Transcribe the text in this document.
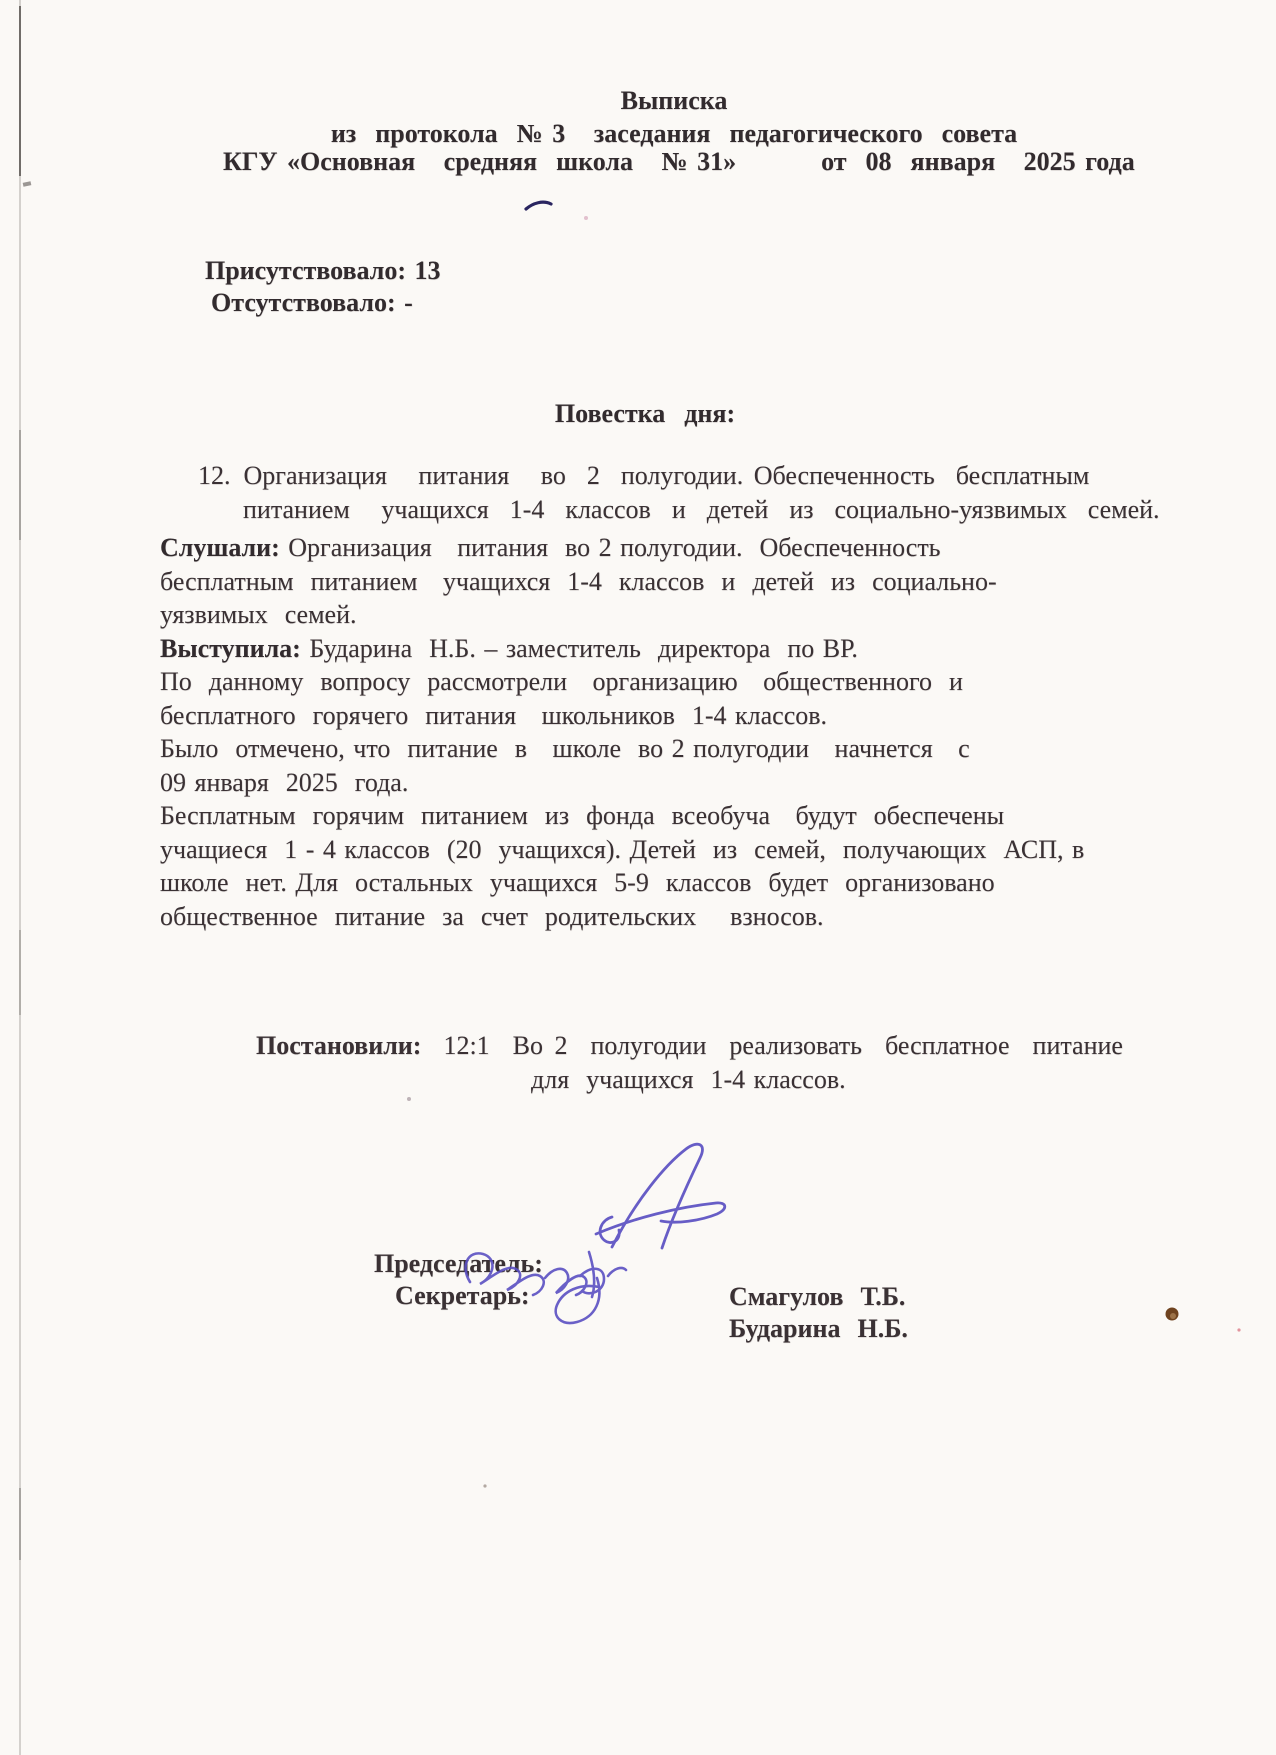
Выписка

из  протокола  № 3   заседания  педагогического  совета

КГУ «Основная   средняя  школа   № 31»	от  08  января   2025 года

Присутствовало: 13

Отсутствовало: -

Повестка  дня:

12. Организация   питания   во  2  полугодии. Обеспеченность  бесплатным

питанием   учащихся  1-4  классов  и  детей  из  социально-уязвимых  семей.

Слушали: Организация   питания  во 2 полугодии.  Обеспеченность
бесплатным  питанием   учащихся  1-4  классов  и  детей  из  социально-
уязвимых  семей.
Выступила: Бударина  Н.Б. – заместитель  директора  по ВР.
По  данному  вопросу  рассмотрели   организацию   общественного  и
бесплатного  горячего  питания   школьников  1-4 классов.
Было  отмечено, что  питание  в   школе  во 2 полугодии   начнется   с
09 января  2025  года.
Бесплатным  горячим  питанием  из  фонда  всеобуча   будут  обеспечены
учащиеся  1 - 4 классов  (20  учащихся). Детей  из  семей,  получающих  АСП, в
школе  нет. Для  остальных  учащихся  5-9  классов  будет  организовано
общественное  питание  за  счет  родительских    взносов.

Постановили: 12:1  Во 2  полугодии  реализовать  бесплатное  питание

для  учащихся  1-4 классов.

Председатель:

Смагулов  Т.Б.

Секретарь:

Бударина  Н.Б.
